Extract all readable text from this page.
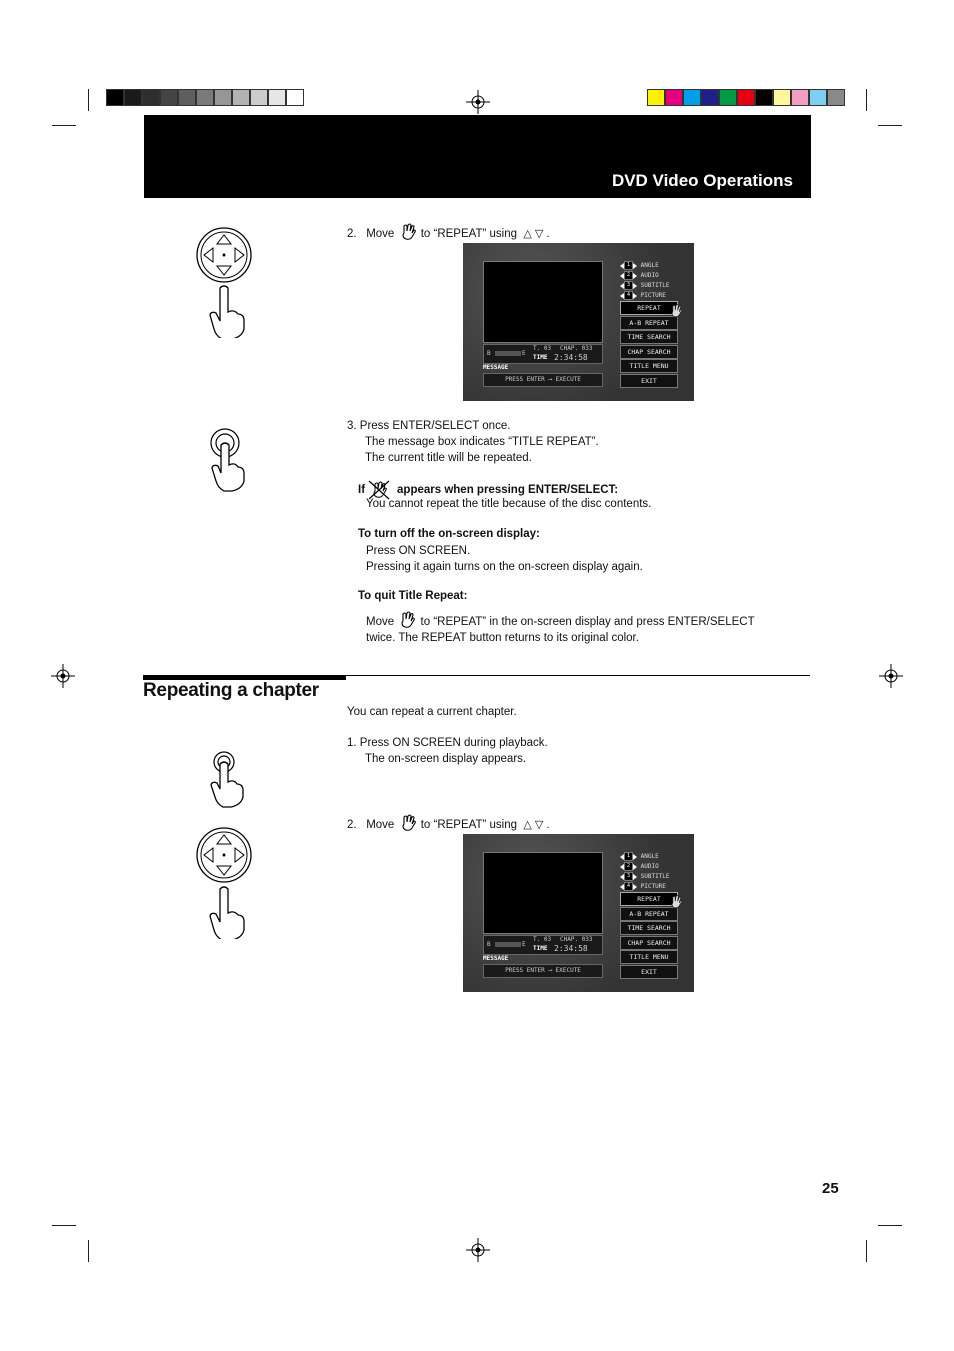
DVD Video Operations
2. Move to “REPEAT” using △ ▽ .
B	E
T. 03 CHAP. 033
TIME 2:34:58
MESSAGE
PRESS ENTER ⟶ EXECUTE
1 ANGLE
2 AUDIO
3 SUBTITLE
4 PICTURE
REPEAT
A-B REPEAT
TIME SEARCH
CHAP SEARCH
TITLE MENU
EXIT
3. Press ENTER/SELECT once.
The message box indicates “TITLE REPEAT”.
The current title will be repeated.
If	appears when pressing ENTER/SELECT:
You cannot repeat the title because of the disc contents.
To turn off the on-screen display:
Press ON SCREEN.
Pressing it again turns on the on-screen display again.
To quit Title Repeat:
Move to “REPEAT” in the on-screen display and press ENTER/SELECT
twice. The REPEAT button returns to its original color.
Repeating a chapter
You can repeat a current chapter.
1. Press ON SCREEN during playback.
The on-screen display appears.
2. Move to “REPEAT” using △ ▽ .
B	E
T. 03 CHAP. 033
TIME 2:34:58
MESSAGE
PRESS ENTER ⟶ EXECUTE
1 ANGLE
2 AUDIO
3 SUBTITLE
4 PICTURE
REPEAT
A-B REPEAT
TIME SEARCH
CHAP SEARCH
TITLE MENU
EXIT
25
